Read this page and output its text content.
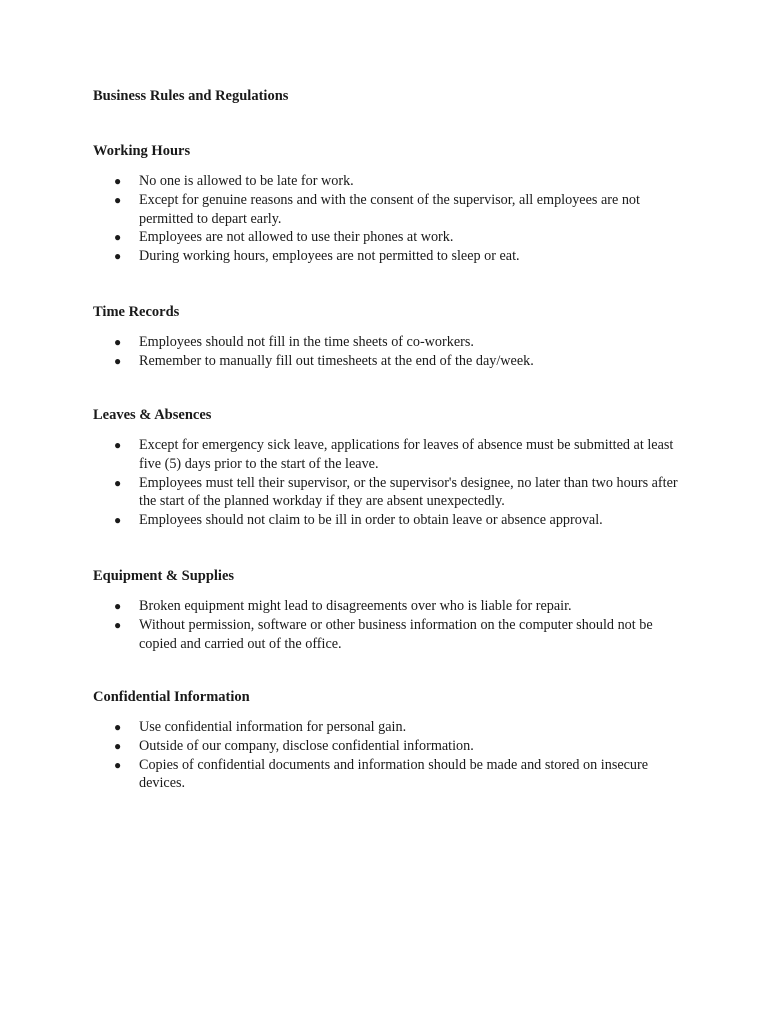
Business Rules and Regulations
Working Hours
● No one is allowed to be late for work.
● Except for genuine reasons and with the consent of the supervisor, all employees are not permitted to depart early.
● Employees are not allowed to use their phones at work.
● During working hours, employees are not permitted to sleep or eat.
Time Records
● Employees should not fill in the time sheets of co-workers.
● Remember to manually fill out timesheets at the end of the day/week.
Leaves & Absences
● Except for emergency sick leave, applications for leaves of absence must be submitted at least five (5) days prior to the start of the leave.
● Employees must tell their supervisor, or the supervisor's designee, no later than two hours after the start of the planned workday if they are absent unexpectedly.
● Employees should not claim to be ill in order to obtain leave or absence approval.
Equipment & Supplies
● Broken equipment might lead to disagreements over who is liable for repair.
● Without permission, software or other business information on the computer should not be copied and carried out of the office.
Confidential Information
● Use confidential information for personal gain.
● Outside of our company, disclose confidential information.
● Copies of confidential documents and information should be made and stored on insecure devices.
